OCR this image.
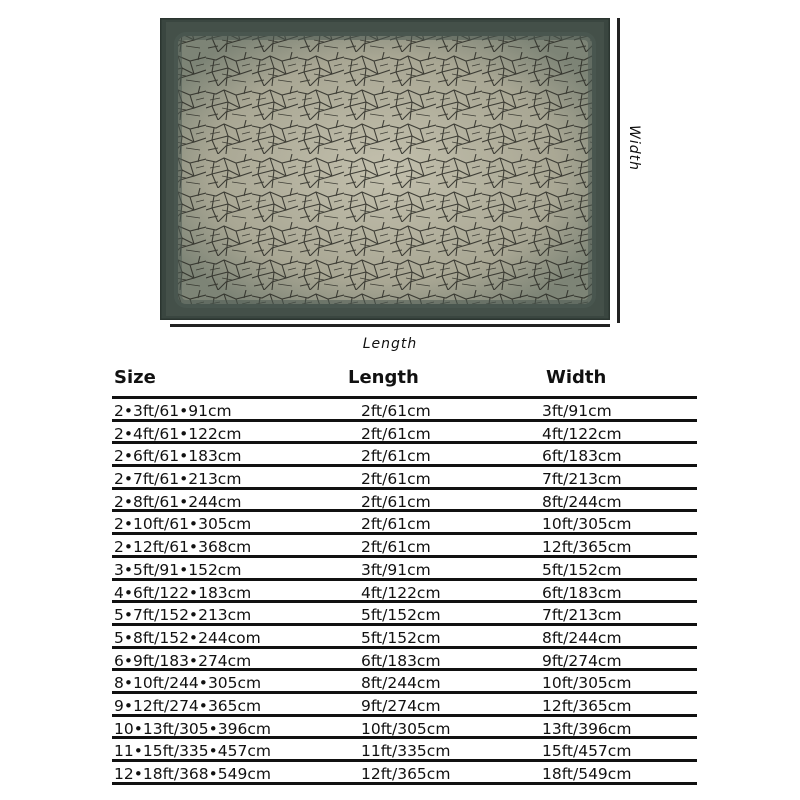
Width
Length
Size	Length	Width
2•3ft/61•91cm	2ft/61cm	3ft/91cm
2•4ft/61•122cm	2ft/61cm	4ft/122cm
2•6ft/61•183cm	2ft/61cm	6ft/183cm
2•7ft/61•213cm	2ft/61cm	7ft/213cm
2•8ft/61•244cm	2ft/61cm	8ft/244cm
2•10ft/61•305cm	2ft/61cm	10ft/305cm
2•12ft/61•368cm	2ft/61cm	12ft/365cm
3•5ft/91•152cm	3ft/91cm	5ft/152cm
4•6ft/122•183cm	4ft/122cm	6ft/183cm
5•7ft/152•213cm	5ft/152cm	7ft/213cm
5•8ft/152•244com	5ft/152cm	8ft/244cm
6•9ft/183•274cm	6ft/183cm	9ft/274cm
8•10ft/244•305cm	8ft/244cm	10ft/305cm
9•12ft/274•365cm	9ft/274cm	12ft/365cm
10•13ft/305•396cm	10ft/305cm	13ft/396cm
11•15ft/335•457cm	11ft/335cm	15ft/457cm
12•18ft/368•549cm	12ft/365cm	18ft/549cm
